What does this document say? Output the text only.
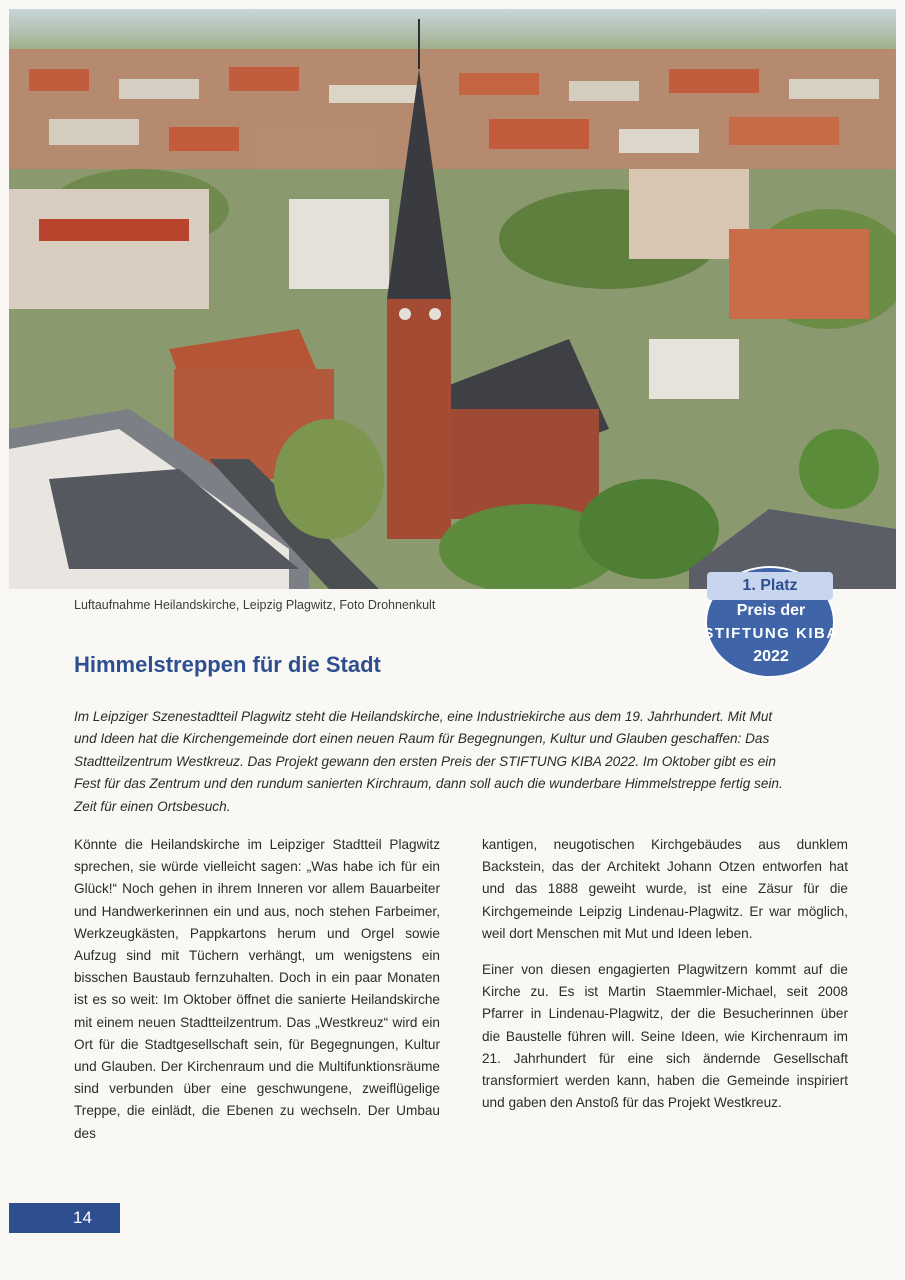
Luftaufnahme Heilandskirche, Leipzig Plagwitz, Foto Drohnenkult
1. Platz
Preis der
STIFTUNG KIBA
2022
Himmelstreppen für die Stadt

Im Leipziger Szenestadtteil Plagwitz steht die Heilandskirche, eine Industriekirche aus dem 19. Jahrhundert. Mit Mut und Ideen hat die Kirchengemeinde dort einen neuen Raum für Begegnungen, Kultur und Glauben geschaffen: Das Stadtteilzentrum Westkreuz. Das Projekt gewann den ersten Preis der STIFTUNG KIBA 2022. Im Oktober gibt es ein Fest für das Zentrum und den rundum sanierten Kirchraum, dann soll auch die wunderbare Himmelstreppe fertig sein. Zeit für einen Ortsbesuch.

Könnte die Heilandskirche im Leipziger Stadtteil Plagwitz sprechen, sie würde vielleicht sagen: „Was habe ich für ein Glück!“ Noch gehen in ihrem Inneren vor allem Bauarbeiter und Handwerkerinnen ein und aus, noch stehen Farbeimer, Werkzeugkästen, Pappkartons herum und Orgel sowie Aufzug sind mit Tüchern verhängt, um wenigstens ein bisschen Baustaub fernzuhalten. Doch in ein paar Monaten ist es so weit: Im Oktober öffnet die sanierte Heilandskirche mit einem neuen Stadtteilzentrum. Das „Westkreuz“ wird ein Ort für die Stadtgesellschaft sein, für Begegnungen, Kultur und Glauben. Der Kirchenraum und die Multifunktionsräume sind verbunden über eine geschwungene, zweiflügelige Treppe, die einlädt, die Ebenen zu wechseln. Der Umbau des

kantigen, neugotischen Kirchgebäudes aus dunklem Backstein, das der Architekt Johann Otzen entworfen hat und das 1888 geweiht wurde, ist eine Zäsur für die Kirchgemeinde Leipzig Lindenau-Plagwitz. Er war möglich, weil dort Menschen mit Mut und Ideen leben.

Einer von diesen engagierten Plagwitzern kommt auf die Kirche zu. Es ist Martin Staemmler-Michael, seit 2008 Pfarrer in Lindenau-Plagwitz, der die Besucherinnen über die Baustelle führen will. Seine Ideen, wie Kirchenraum im 21. Jahrhundert für eine sich ändernde Gesellschaft transformiert werden kann, haben die Gemeinde inspiriert und gaben den Anstoß für das Projekt Westkreuz.

14
